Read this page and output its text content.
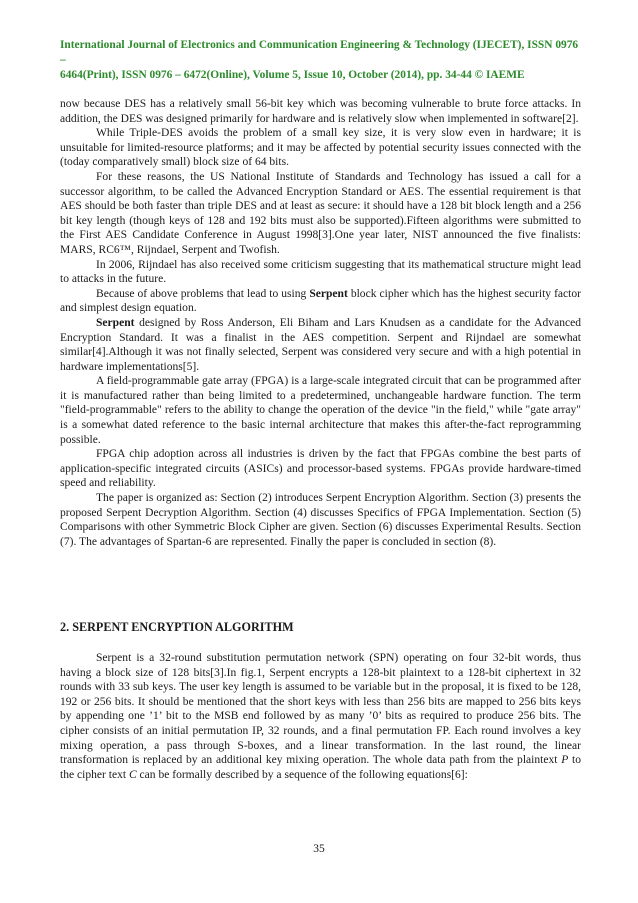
International Journal of Electronics and Communication Engineering & Technology (IJECET), ISSN 0976 –
6464(Print), ISSN 0976 – 6472(Online), Volume 5, Issue 10, October (2014), pp. 34-44 © IAEME

now because DES has a relatively small 56-bit key which was becoming vulnerable to brute force attacks. In addition, the DES was designed primarily for hardware and is relatively slow when implemented in software[2].

While Triple-DES avoids the problem of a small key size, it is very slow even in hardware; it is unsuitable for limited-resource platforms; and it may be affected by potential security issues connected with the (today comparatively small) block size of 64 bits.

For these reasons, the US National Institute of Standards and Technology has issued a call for a successor algorithm, to be called the Advanced Encryption Standard or AES. The essential requirement is that AES should be both faster than triple DES and at least as secure: it should have a 128 bit block length and a 256 bit key length (though keys of 128 and 192 bits must also be supported).Fifteen algorithms were submitted to the First AES Candidate Conference in August 1998[3].One year later, NIST announced the five finalists: MARS, RC6™, Rijndael, Serpent and Twofish.

In 2006, Rijndael has also received some criticism suggesting that its mathematical structure might lead to attacks in the future.

Because of above problems that lead to using Serpent block cipher which has the highest security factor and simplest design equation.

Serpent designed by Ross Anderson, Eli Biham and Lars Knudsen as a candidate for the Advanced Encryption Standard. It was a finalist in the AES competition. Serpent and Rijndael are somewhat similar[4].Although it was not finally selected, Serpent was considered very secure and with a high potential in hardware implementations[5].

A field-programmable gate array (FPGA) is a large-scale integrated circuit that can be programmed after it is manufactured rather than being limited to a predetermined, unchangeable hardware function. The term "field-programmable" refers to the ability to change the operation of the device "in the field," while "gate array" is a somewhat dated reference to the basic internal architecture that makes this after-the-fact reprogramming possible.

FPGA chip adoption across all industries is driven by the fact that FPGAs combine the best parts of application-specific integrated circuits (ASICs) and processor-based systems. FPGAs provide hardware-timed speed and reliability.

The paper is organized as: Section (2) introduces Serpent Encryption Algorithm. Section (3) presents the proposed Serpent Decryption Algorithm. Section (4) discusses Specifics of FPGA Implementation. Section (5) Comparisons with other Symmetric Block Cipher are given. Section (6) discusses Experimental Results. Section (7). The advantages of Spartan-6 are represented. Finally the paper is concluded in section (8).

2. SERPENT ENCRYPTION ALGORITHM

Serpent is a 32-round substitution permutation network (SPN) operating on four 32-bit words, thus having a block size of 128 bits[3].In fig.1, Serpent encrypts a 128-bit plaintext to a 128-bit ciphertext in 32 rounds with 33 sub keys. The user key length is assumed to be variable but in the proposal, it is fixed to be 128, 192 or 256 bits. It should be mentioned that the short keys with less than 256 bits are mapped to 256 bits keys by appending one ’1’ bit to the MSB end followed by as many ’0’ bits as required to produce 256 bits. The cipher consists of an initial permutation IP, 32 rounds, and a final permutation FP. Each round involves a key mixing operation, a pass through S-boxes, and a linear transformation. In the last round, the linear transformation is replaced by an additional key mixing operation. The whole data path from the plaintext P to the cipher text C can be formally described by a sequence of the following equations[6]:

35
